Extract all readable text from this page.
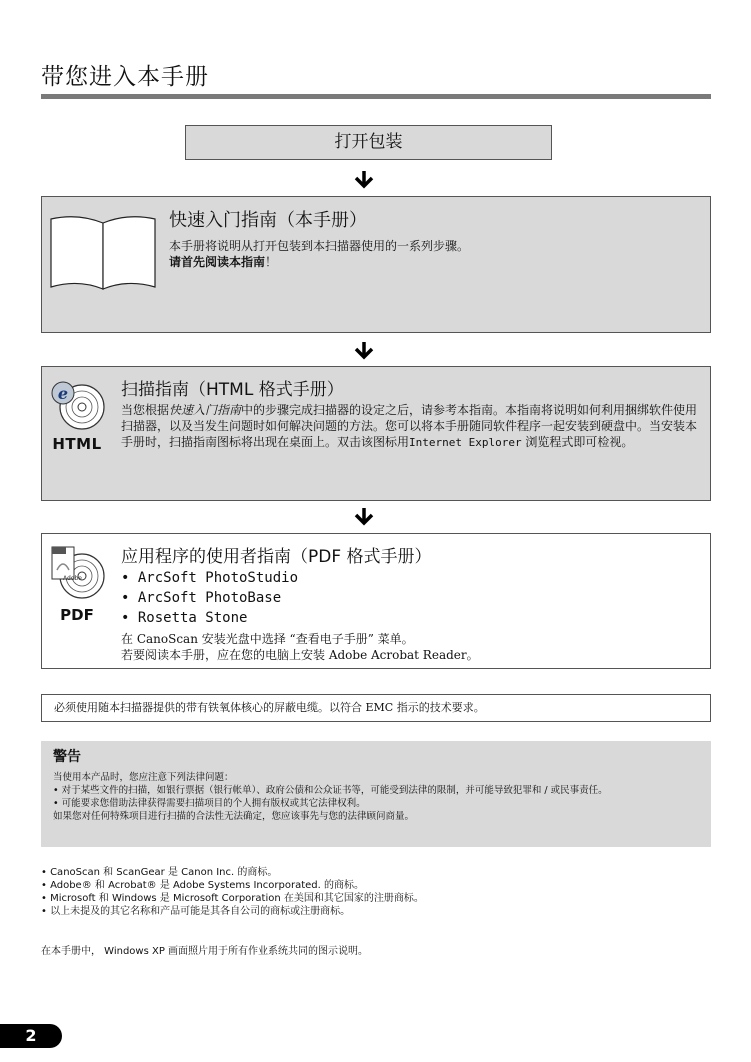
带您进入本手册
打开包装
快速入门指南（本手册）
本手册将说明从打开包装到本扫描器使用的一系列步骤。
请首先阅读本指南！
e
HTML
扫描指南（HTML 格式手册）
当您根据快速入门指南中的步骤完成扫描器的设定之后，请参考本指南。本指南将说明如何利用捆绑软件使用扫描器，以及当发生问题时如何解决问题的方法。您可以将本手册随同软件程序一起安装到硬盘中。当安装本手册时，扫描指南图标将出现在桌面上。双击该图标用Internet Explorer 浏览程式即可检视。
Adobe
PDF
应用程序的使用者指南（PDF 格式手册）
• ArcSoft PhotoStudio
• ArcSoft PhotoBase
• Rosetta Stone
在 CanoScan 安装光盘中选择 “查看电子手册” 菜单。
若要阅读本手册，应在您的电脑上安装 Adobe Acrobat Reader。
必须使用随本扫描器提供的带有铁氧体核心的屏蔽电缆。以符合 EMC 指示的技术要求。
警告
当使用本产品时，您应注意下列法律问题：
• 对于某些文件的扫描，如银行票据（银行帐单）、政府公债和公众证书等，可能受到法律的限制，并可能导致犯罪和 / 或民事责任。
• 可能要求您借助法律获得需要扫描项目的个人拥有版权或其它法律权利。
如果您对任何特殊项目进行扫描的合法性无法确定，您应该事先与您的法律顾问商量。
• CanoScan 和 ScanGear 是 Canon Inc. 的商标。
• Adobe® 和 Acrobat® 是 Adobe Systems Incorporated. 的商标。
• Microsoft 和 Windows 是 Microsoft Corporation 在美国和其它国家的注册商标。
• 以上未提及的其它名称和产品可能是其各自公司的商标或注册商标。
在本手册中， Windows XP 画面照片用于所有作业系统共同的图示说明。
2
